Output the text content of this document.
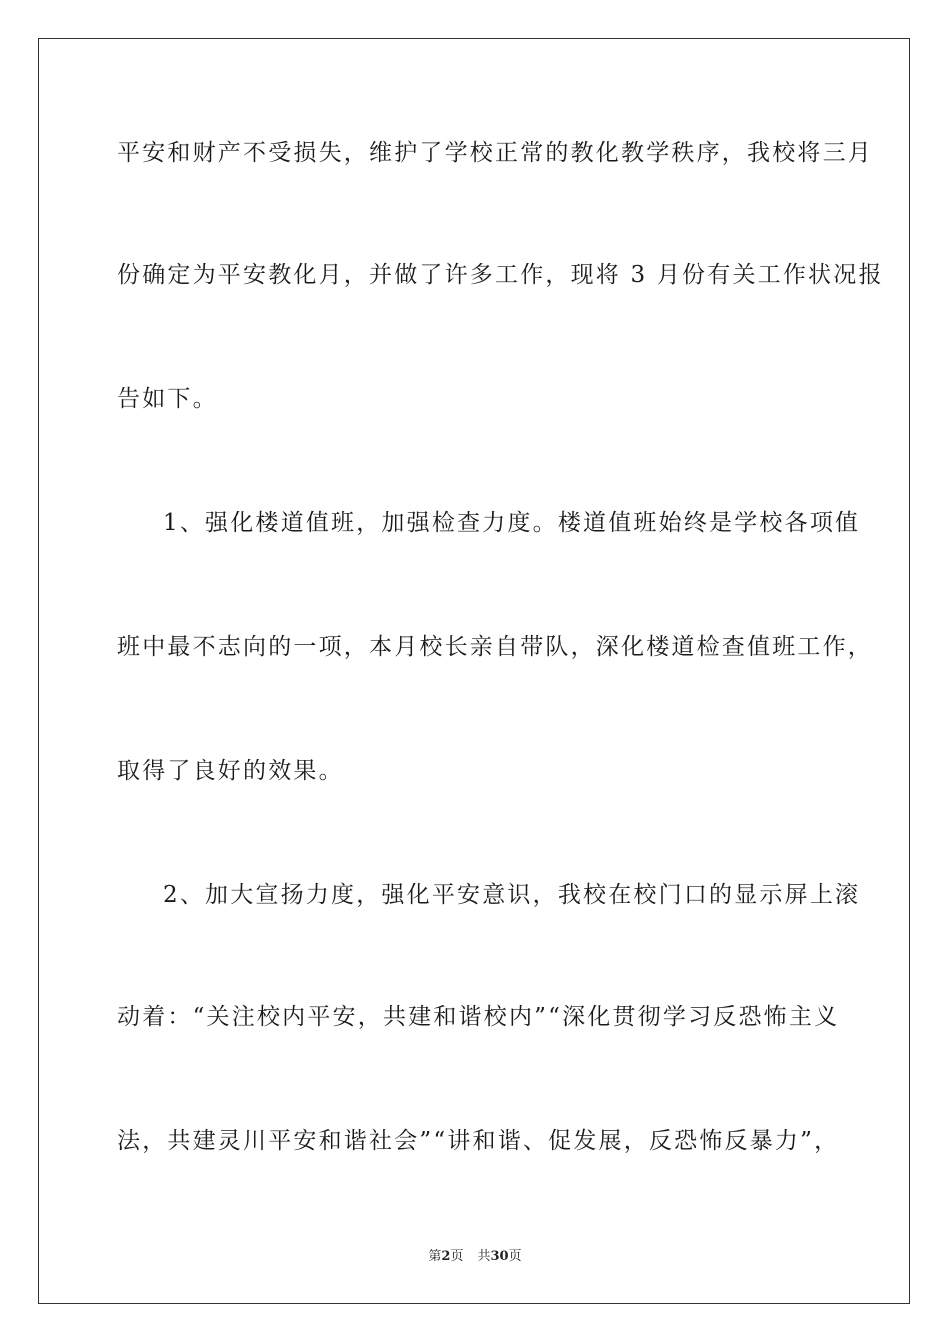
平安和财产不受损失，维护了学校正常的教化教学秩序，我校将三月
份确定为平安教化月，并做了许多工作，现将 3 月份有关工作状况报
告如下。
1、强化楼道值班，加强检查力度。楼道值班始终是学校各项值
班中最不志向的一项，本月校长亲自带队，深化楼道检查值班工作，
取得了良好的效果。
2、加大宣扬力度，强化平安意识，我校在校门口的显示屏上滚
动着：“关注校内平安，共建和谐校内”“深化贯彻学习反恐怖主义
法，共建灵川平安和谐社会”“讲和谐、促发展，反恐怖反暴力”，
第2页 共30页
